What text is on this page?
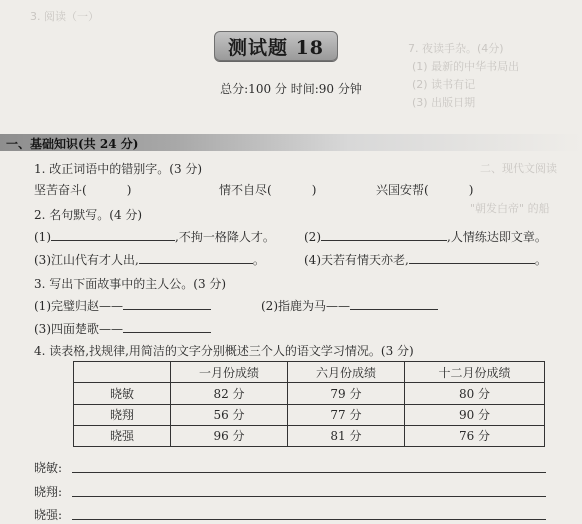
7. 夜读手杂。(4分)
(1) 最新的中华书局出
(2) 读书有记
(3) 出版日期
二、现代文阅读
"朝发白帝" 的船
3. 阅读（一）
测试题 18
总分:100 分 时间:90 分钟
一、基础知识(共 24 分)
1. 改正词语中的错别字。(3 分)
坚苦奋斗(	)	情不自尽(	)	兴国安帮(	)
2. 名句默写。(4 分)
(1)	,不拘一格降人才。 (2)	,人情练达即文章。
(3)江山代有才人出,	。	(4)天若有情天亦老,	。
3. 写出下面故事中的主人公。(3 分)
(1)完璧归赵——	(2)指鹿为马——
(3)四面楚歌——
4. 读表格,找规律,用简洁的文字分别概述三个人的语文学习情况。(3 分)
	一月份成绩	六月份成绩	十二月份成绩
晓敏	82 分	79 分	80 分
晓翔	56 分	77 分	90 分
晓强	96 分	81 分	76 分
晓敏:
晓翔:
晓强:
